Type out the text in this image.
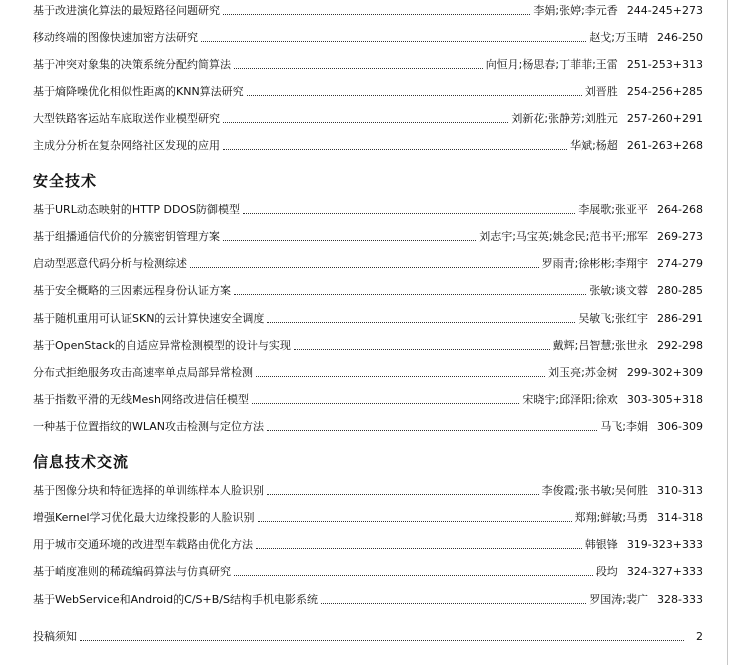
基于改进演化算法的最短路径问题研究	李娟;张婷;李元香 244-245+273
移动终端的图像快速加密方法研究	赵戈;万玉晴 246-250
基于冲突对象集的决策系统分配约简算法	向恒月;杨思春;丁菲菲;王雷 251-253+313
基于熵降噪优化相似性距离的KNN算法研究	刘晋胜 254-256+285
大型铁路客运站车底取送作业模型研究	刘新花;张静芳;刘胜元 257-260+291
主成分分析在复杂网络社区发现的应用	华斌;杨超 261-263+268
安全技术
基于URL动态映射的HTTP DDOS防御模型	李展歌;张亚平 264-268
基于组播通信代价的分簇密钥管理方案	刘志宇;马宝英;姚念民;范书平;邢军 269-273
启动型恶意代码分析与检测综述	罗雨青;徐彬彬;李翔宇 274-279
基于安全概略的三因素远程身份认证方案	张敏;谈文蓉 280-285
基于随机重用可认证SKN的云计算快速安全调度	吴敏飞;张红宇 286-291
基于OpenStack的自适应异常检测模型的设计与实现	戴辉;吕智慧;张世永 292-298
分布式拒绝服务攻击高速率单点局部异常检测	刘玉亮;苏金树 299-302+309
基于指数平滑的无线Mesh网络改进信任模型	宋晓宇;邱泽阳;徐欢 303-305+318
一种基于位置指纹的WLAN攻击检测与定位方法	马飞;李娟 306-309
信息技术交流
基于图像分块和特征选择的单训练样本人脸识别	李俊霞;张书敏;吴何胜 310-313
增强Kernel学习优化最大边缘投影的人脸识别	郑翔;鲜敏;马勇 314-318
用于城市交通环境的改进型车载路由优化方法	韩银锋 319-323+333
基于峭度准则的稀疏编码算法与仿真研究	段均 324-327+333
基于WebService和Android的C/S+B/S结构手机电影系统	罗国涛;裴广 328-333
投稿须知	2
